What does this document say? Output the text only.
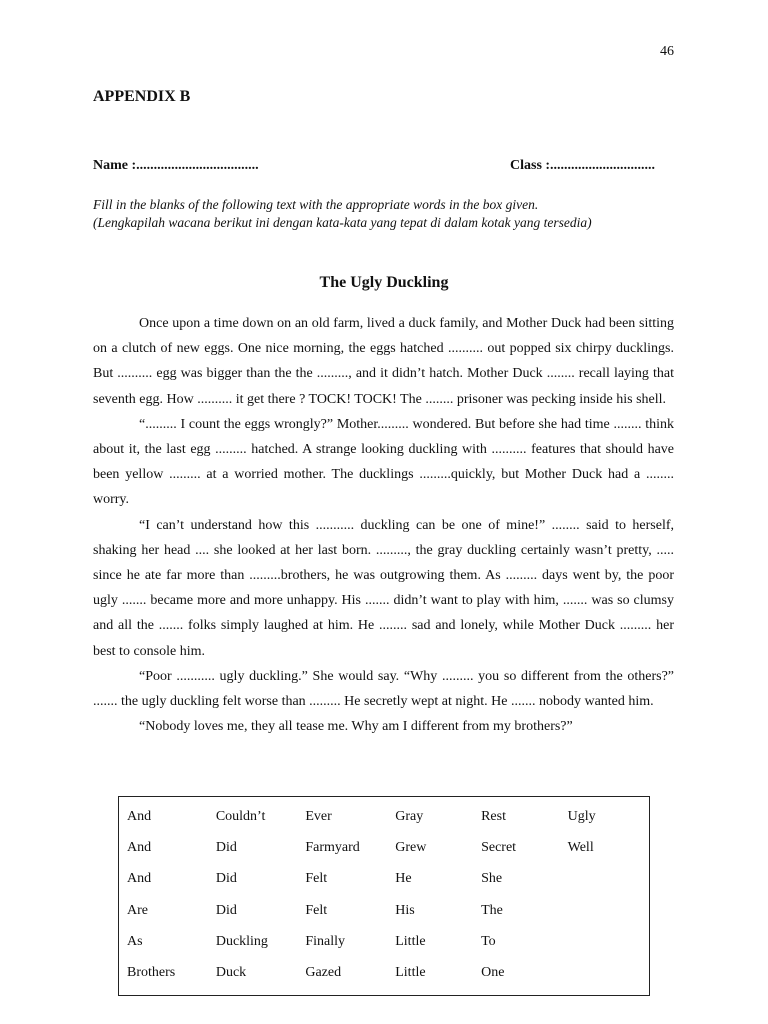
46
APPENDIX B
Name :...................................	Class :..............................
Fill in the blanks of the following text with the appropriate words in the box given.
(Lengkapilah wacana berikut ini dengan kata-kata yang tepat di dalam kotak yang tersedia)
The Ugly Duckling

Once upon a time down on an old farm, lived a duck family, and Mother Duck had been sitting on a clutch of new eggs. One nice morning, the eggs hatched .......... out popped six chirpy ducklings. But .......... egg was bigger than the the ........., and it didn’t hatch. Mother Duck ........ recall laying that seventh egg. How .......... it get there ? TOCK! TOCK! The ........ prisoner was pecking inside his shell.

“......... I count the eggs wrongly?” Mother......... wondered. But before she had time ........ think about it, the last egg ......... hatched. A strange looking duckling with .......... features that should have been yellow ......... at a worried mother. The ducklings .........quickly, but Mother Duck had a ........ worry.

“I can’t understand how this ........... duckling can be one of mine!” ........ said to herself, shaking her head .... she looked at her last born. ........., the gray duckling certainly wasn’t pretty, ..... since he ate far more than .........brothers, he was outgrowing them. As ......... days went by, the poor ugly ....... became more and more unhappy. His ....... didn’t want to play with him, ....... was so clumsy and all the ....... folks simply laughed at him. He ........ sad and lonely, while Mother Duck ......... her best to console him.

“Poor ........... ugly duckling.” She would say. “Why ......... you so different from the others?” ....... the ugly duckling felt worse than ......... He secretly wept at night. He ....... nobody wanted him.

“Nobody loves me, they all tease me. Why am I different from my brothers?”

And	Couldn’t	Ever	Gray	Rest	Ugly
And	Did	Farmyard	Grew	Secret	Well
And	Did	Felt	He	She	
Are	Did	Felt	His	The	
As	Duckling	Finally	Little	To	
Brothers	Duck	Gazed	Little	One	
